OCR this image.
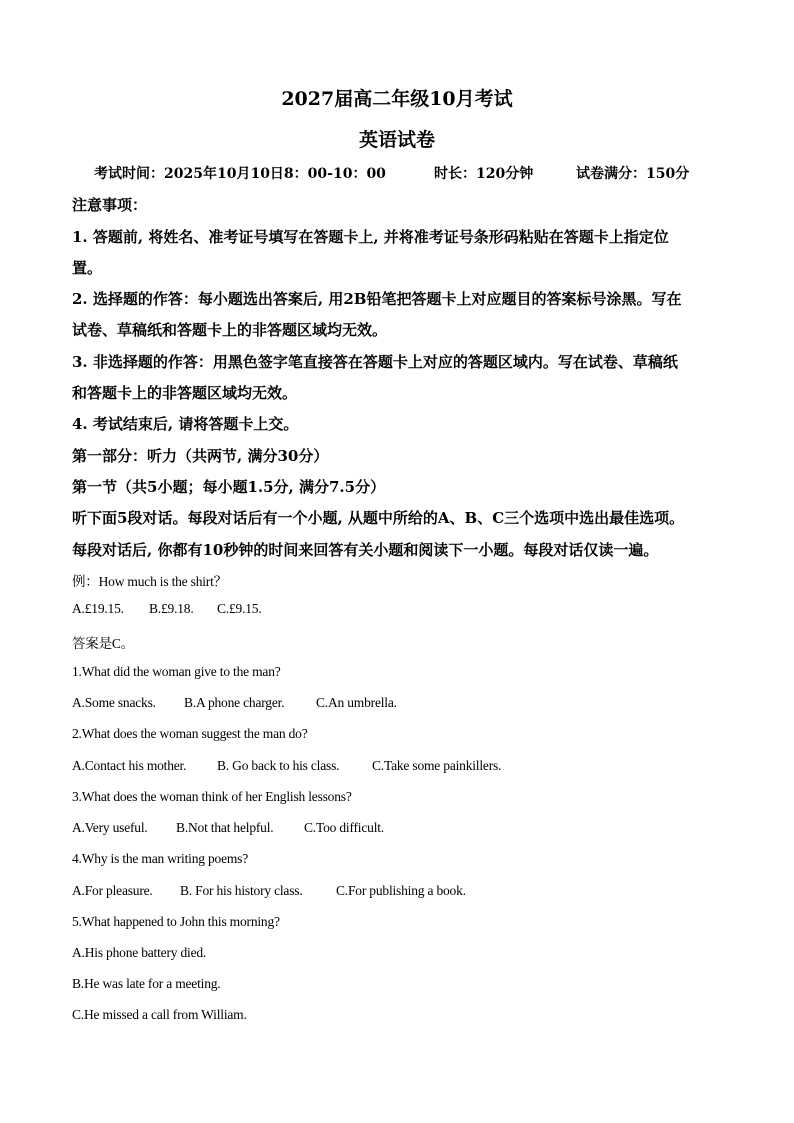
2027届高二年级10月考试
英语试卷
考试时间：2025年10月10日8：00-10：00	时长：120分钟	试卷满分：150分
注意事项：
1. 答题前, 将姓名、准考证号填写在答题卡上, 并将准考证号条形码粘贴在答题卡上指定位
置。
2. 选择题的作答：每小题选出答案后, 用2B铅笔把答题卡上对应题目的答案标号涂黑。写在
试卷、草稿纸和答题卡上的非答题区域均无效。
3. 非选择题的作答：用黑色签字笔直接答在答题卡上对应的答题区域内。写在试卷、草稿纸
和答题卡上的非答题区域均无效。
4. 考试结束后, 请将答题卡上交。
第一部分：听力（共两节, 满分30分）
第一节（共5小题；每小题1.5分, 满分7.5分）
听下面5段对话。每段对话后有一个小题, 从题中所给的A、B、C三个选项中选出最佳选项。
每段对话后, 你都有10秒钟的时间来回答有关小题和阅读下一小题。每段对话仅读一遍。
例：How much is the shirt？
A.£19.15. B.£9.18. C.£9.15.
答案是C。
1.What did the woman give to the man?
A.Some snacks. B.A phone charger. C.An umbrella.
2.What does the woman suggest the man do?
A.Contact his mother. B. Go back to his class. C.Take some painkillers.
3.What does the woman think of her English lessons?
A.Very useful. B.Not that helpful. C.Too difficult.
4.Why is the man writing poems?
A.For pleasure. B. For his history class. C.For publishing a book.
5.What happened to John this morning?
A.His phone battery died.
B.He was late for a meeting.
C.He missed a call from William.
